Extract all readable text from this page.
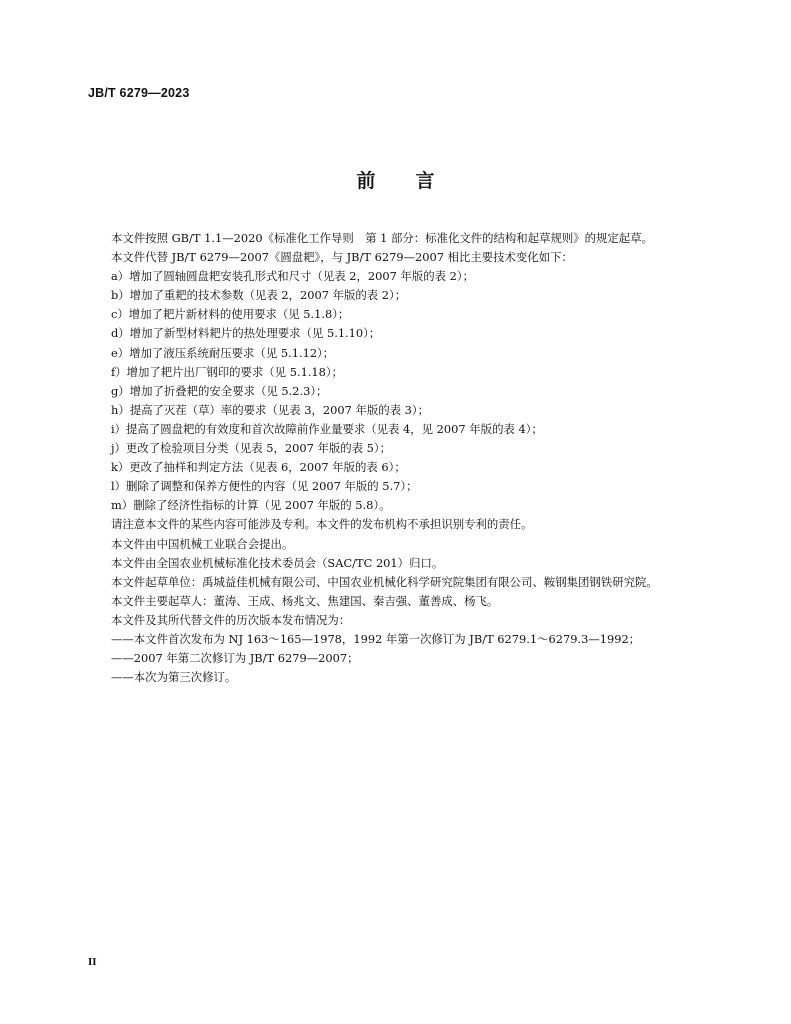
JB/T 6279—2023
前 言

本文件按照 GB/T 1.1—2020《标准化工作导则　第 1 部分：标准化文件的结构和起草规则》的规定起草。

本文件代替 JB/T 6279—2007《圆盘耙》，与 JB/T 6279—2007 相比主要技术变化如下：

a）增加了圆轴圆盘耙安装孔形式和尺寸（见表 2，2007 年版的表 2）；

b）增加了重耙的技术参数（见表 2，2007 年版的表 2）；

c）增加了耙片新材料的使用要求（见 5.1.8）；

d）增加了新型材料耙片的热处理要求（见 5.1.10）；

e）增加了液压系统耐压要求（见 5.1.12）；

f）增加了耙片出厂钢印的要求（见 5.1.18）；

g）增加了折叠耙的安全要求（见 5.2.3）；

h）提高了灭茬（草）率的要求（见表 3，2007 年版的表 3）；

i）提高了圆盘耙的有效度和首次故障前作业量要求（见表 4，见 2007 年版的表 4）；

j）更改了检验项目分类（见表 5，2007 年版的表 5）；

k）更改了抽样和判定方法（见表 6，2007 年版的表 6）；

l）删除了调整和保养方便性的内容（见 2007 年版的 5.7）；

m）删除了经济性指标的计算（见 2007 年版的 5.8）。

请注意本文件的某些内容可能涉及专利。本文件的发布机构不承担识别专利的责任。

本文件由中国机械工业联合会提出。

本文件由全国农业机械标准化技术委员会（SAC/TC 201）归口。

本文件起草单位：禹城益佳机械有限公司、中国农业机械化科学研究院集团有限公司、鞍钢集团钢铁研究院。

本文件主要起草人：董涛、王成、杨兆文、焦建国、秦吉强、董善成、杨飞。

本文件及其所代替文件的历次版本发布情况为：

——本文件首次发布为 NJ 163～165—1978，1992 年第一次修订为 JB/T 6279.1～6279.3—1992；

——2007 年第二次修订为 JB/T 6279—2007；

——本次为第三次修订。

II
